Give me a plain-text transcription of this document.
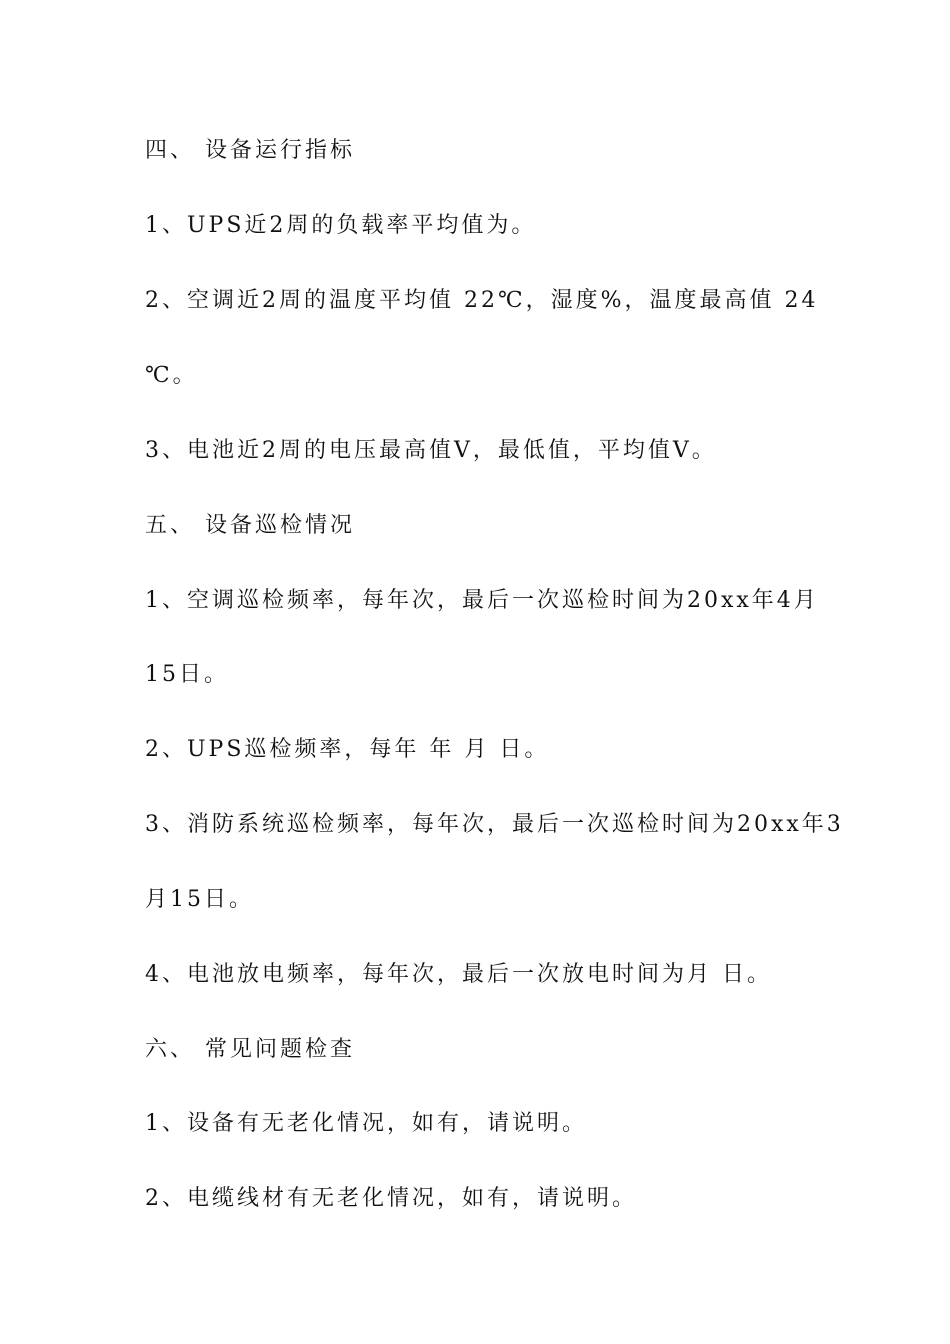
四、 设备运行指标
1、UPS近2周的负载率平均值为。
2、空调近2周的温度平均值 22℃，湿度%，温度最高值 24
℃。
3、电池近2周的电压最高值V，最低值，平均值V。
五、 设备巡检情况
1、空调巡检频率，每年次，最后一次巡检时间为20xx年4月
15日。
2、UPS巡检频率，每年 年 月 日。
3、消防系统巡检频率，每年次，最后一次巡检时间为20xx年3
月15日。
4、电池放电频率，每年次，最后一次放电时间为月 日。
六、 常见问题检查
1、设备有无老化情况，如有，请说明。
2、电缆线材有无老化情况，如有，请说明。
